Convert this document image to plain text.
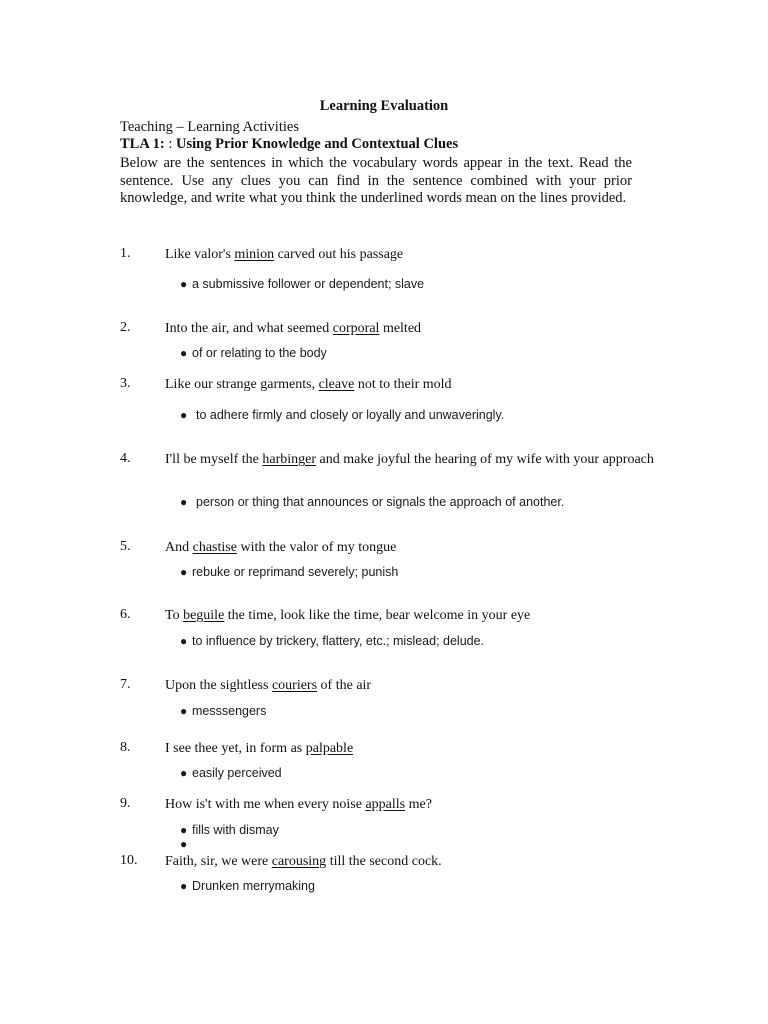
Learning Evaluation
Teaching – Learning Activities
TLA 1: : Using Prior Knowledge and Contextual Clues

Below are the sentences in which the vocabulary words appear in the text. Read the sentence. Use any clues you can find in the sentence combined with your prior knowledge, and write what you think the underlined words mean on the lines provided.

1. Like valor's minion carved out his passage
● a submissive follower or dependent; slave
2. Into the air, and what seemed corporal melted
● of or relating to the body
3. Like our strange garments, cleave not to their mold
● to adhere firmly and closely or loyally and unwaveringly.
4. I'll be myself the harbinger and make joyful the hearing of my wife with your approach
● person or thing that announces or signals the approach of another.
5. And chastise with the valor of my tongue
● rebuke or reprimand severely; punish
6. To beguile the time, look like the time, bear welcome in your eye
● to influence by trickery, flattery, etc.; mislead; delude.
7. Upon the sightless couriers of the air
● messsengers
8. I see thee yet, in form as palpable
● easily perceived
9. How is't with me when every noise appalls me?
● fills with dismay
●
10. Faith, sir, we were carousing till the second cock.
● Drunken merrymaking
